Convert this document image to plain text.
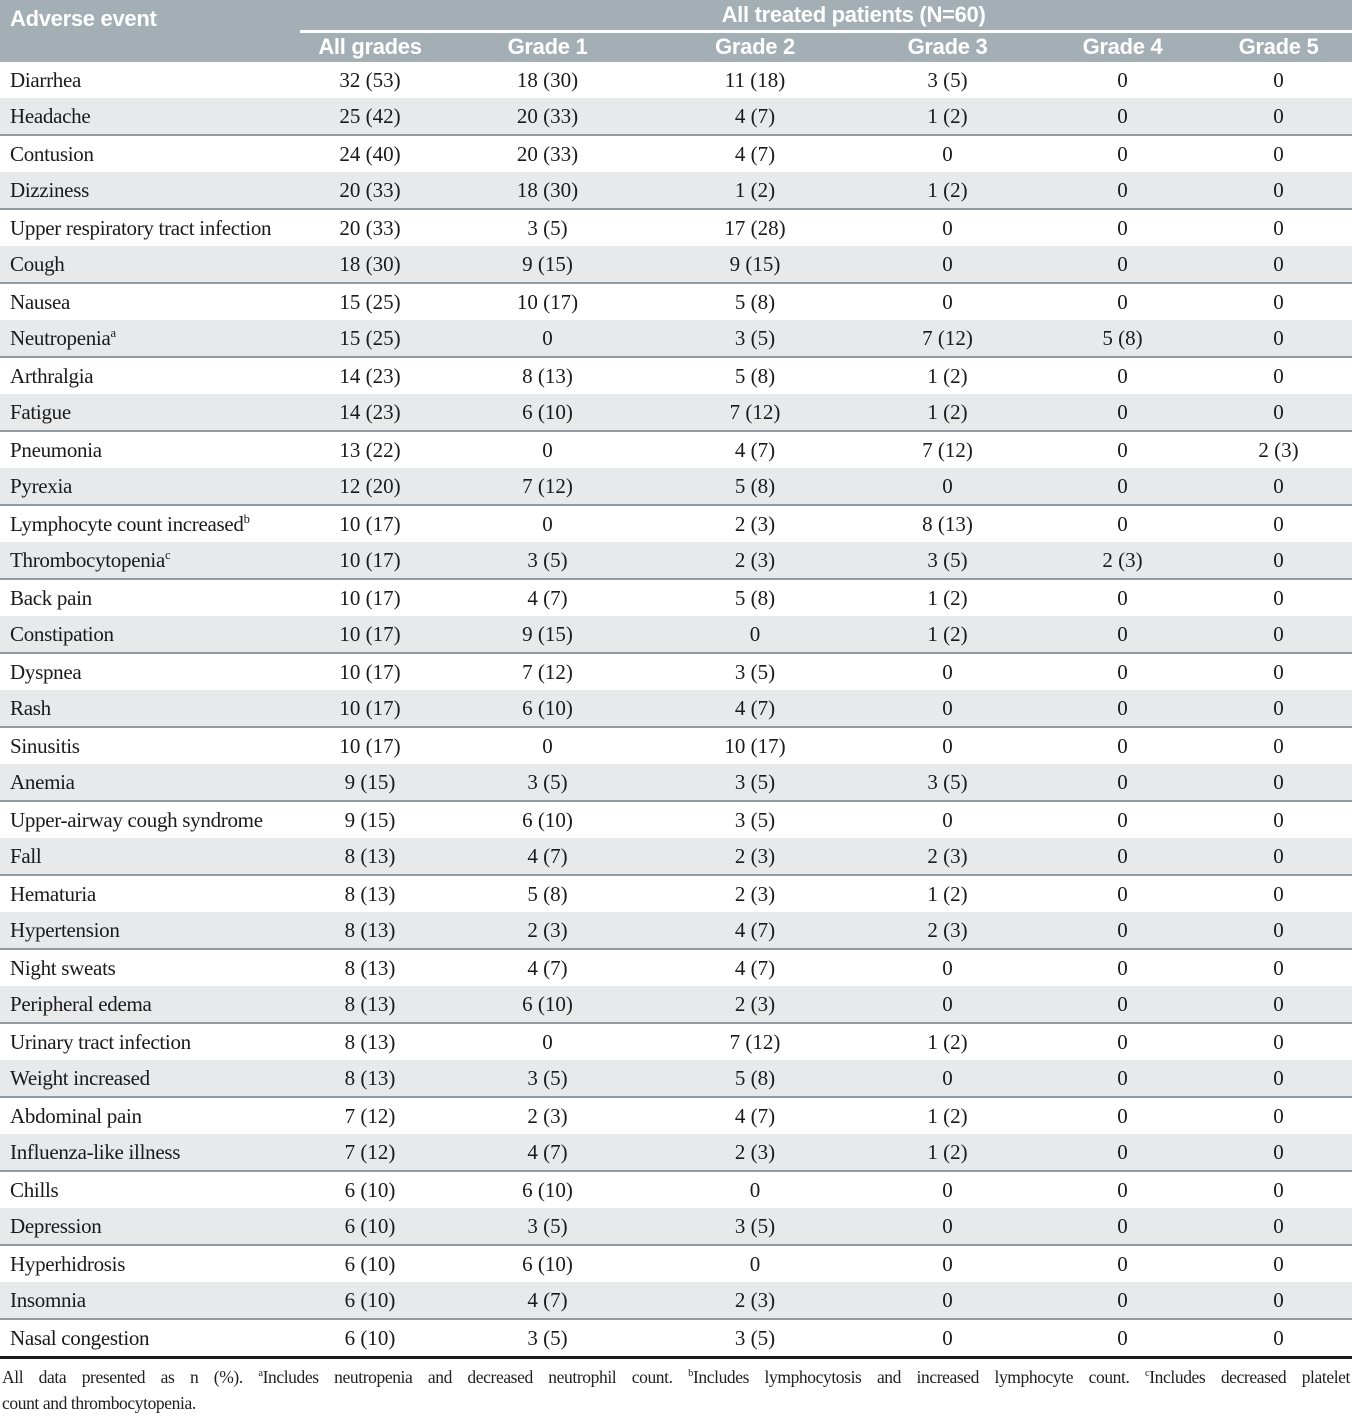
Adverse event	All treated patients (N=60)					
	All grades	Grade 1	Grade 2	Grade 3	Grade 4	Grade 5
Diarrhea	32 (53)	18 (30)	11 (18)	3 (5)	0	0
Headache	25 (42)	20 (33)	4 (7)	1 (2)	0	0
Contusion	24 (40)	20 (33)	4 (7)	0	0	0
Dizziness	20 (33)	18 (30)	1 (2)	1 (2)	0	0
Upper respiratory tract infection	20 (33)	3 (5)	17 (28)	0	0	0
Cough	18 (30)	9 (15)	9 (15)	0	0	0
Nausea	15 (25)	10 (17)	5 (8)	0	0	0
Neutropenia$^a$	15 (25)	0	3 (5)	7 (12)	5 (8)	0
Arthralgia	14 (23)	8 (13)	5 (8)	1 (2)	0	0
Fatigue	14 (23)	6 (10)	7 (12)	1 (2)	0	0
Pneumonia	13 (22)	0	4 (7)	7 (12)	0	2 (3)
Pyrexia	12 (20)	7 (12)	5 (8)	0	0	0
Lymphocyte count increased$^b$	10 (17)	0	2 (3)	8 (13)	0	0
Thrombocytopenia$^c$	10 (17)	3 (5)	2 (3)	3 (5)	2 (3)	0
Back pain	10 (17)	4 (7)	5 (8)	1 (2)	0	0
Constipation	10 (17)	9 (15)	0	1 (2)	0	0
Dyspnea	10 (17)	7 (12)	3 (5)	0	0	0
Rash	10 (17)	6 (10)	4 (7)	0	0	0
Sinusitis	10 (17)	0	10 (17)	0	0	0
Anemia	9 (15)	3 (5)	3 (5)	3 (5)	0	0
Upper-airway cough syndrome	9 (15)	6 (10)	3 (5)	0	0	0
Fall	8 (13)	4 (7)	2 (3)	2 (3)	0	0
Hematuria	8 (13)	5 (8)	2 (3)	1 (2)	0	0
Hypertension	8 (13)	2 (3)	4 (7)	2 (3)	0	0
Night sweats	8 (13)	4 (7)	4 (7)	0	0	0
Peripheral edema	8 (13)	6 (10)	2 (3)	0	0	0
Urinary tract infection	8 (13)	0	7 (12)	1 (2)	0	0
Weight increased	8 (13)	3 (5)	5 (8)	0	0	0
Abdominal pain	7 (12)	2 (3)	4 (7)	1 (2)	0	0
Influenza-like illness	7 (12)	4 (7)	2 (3)	1 (2)	0	0
Chills	6 (10)	6 (10)	0	0	0	0
Depression	6 (10)	3 (5)	3 (5)	0	0	0
Hyperhidrosis	6 (10)	6 (10)	0	0	0	0
Insomnia	6 (10)	4 (7)	2 (3)	0	0	0
Nasal congestion	6 (10)	3 (5)	3 (5)	0	0	0
All data presented as n (%). $^a$Includes neutropenia and decreased neutrophil count. $^b$Includes lymphocytosis and increased lymphocyte count. $^c$Includes decreased platelet
count and thrombocytopenia.
